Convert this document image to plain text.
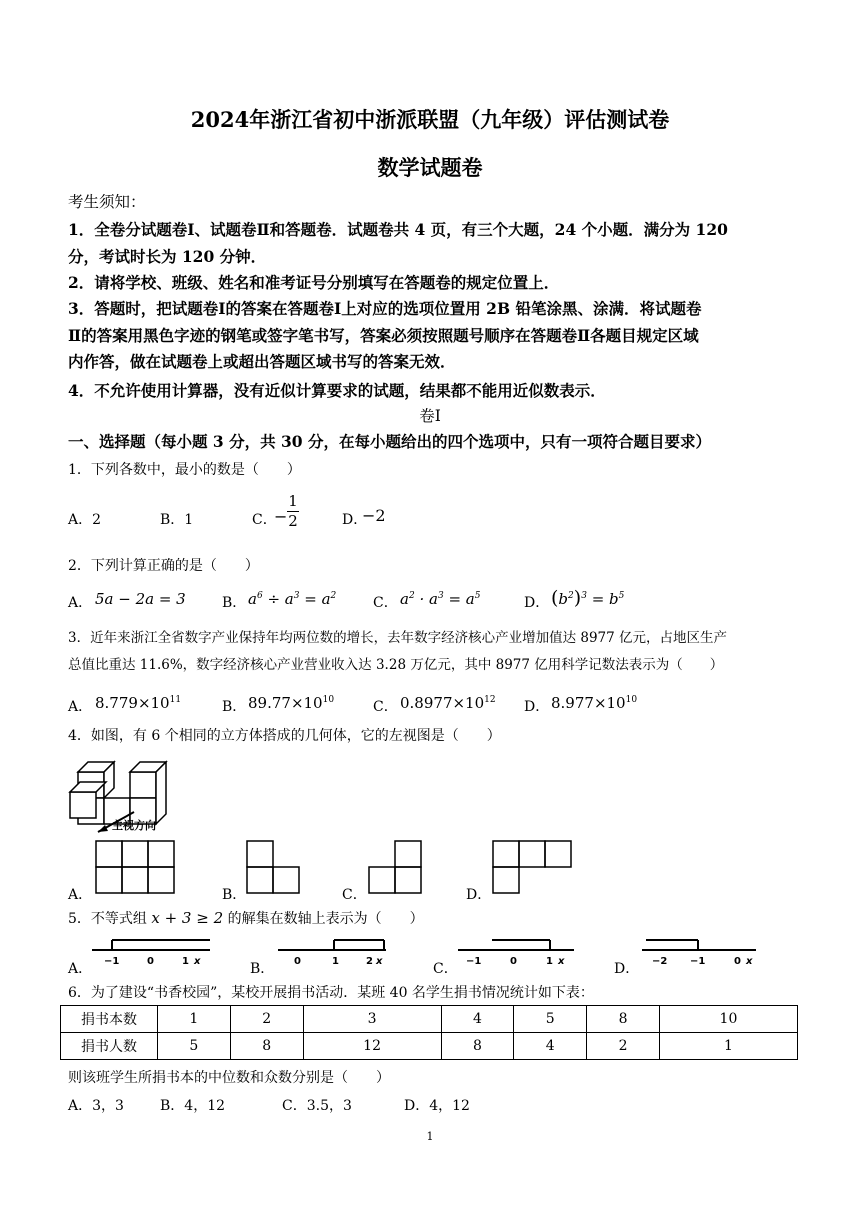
2024年浙江省初中浙派联盟（九年级）评估测试卷
数学试题卷
考生须知：
1．全卷分试题卷Ⅰ、试题卷Ⅱ和答题卷．试题卷共 4 页，有三个大题，24 个小题．满分为 120
分，考试时长为 120 分钟．
2．请将学校、班级、姓名和准考证号分别填写在答题卷的规定位置上．
3．答题时，把试题卷Ⅰ的答案在答题卷Ⅰ上对应的选项位置用 2B 铅笔涂黑、涂满．将试题卷
Ⅱ的答案用黑色字迹的钢笔或签字笔书写，答案必须按照题号顺序在答题卷Ⅱ各题目规定区域
内作答，做在试题卷上或超出答题区域书写的答案无效．
4．不允许使用计算器，没有近似计算要求的试题，结果都不能用近似数表示．
卷Ⅰ
一、选择题（每小题 3 分，共 30 分，在每小题给出的四个选项中，只有一项符合题目要求）
1．下列各数中，最小的数是（　　）
A．2	B．1	C．
−
1
2	D．
−2
2．下列计算正确的是（　　）
A． 5a − 2a = 3	B． $a^6 \div a^3 = a^2$	C． $a^2 \cdot a^3 = a^5$	D． $(b^2)^3 = b^5$
3．近年来浙江全省数字产业保持年均两位数的增长，去年数字经济核心产业增加值达 8977 亿元，占地区生产
总值比重达 11.6%，数字经济核心产业营业收入达 3.28 万亿元，其中 8977 亿用科学记数法表示为（　　）
A． $8.779\times 10^{11}$	B． $89.77\times 10^{10}$	C． $0.8977\times 10^{12}$ D． $8.977\times 10^{10}$
4．如图，有 6 个相同的立方体搭成的几何体，它的左视图是（　　）
主视方向
A．	B．	C．	D．
5．不等式组 x + 3 ≥ 2 的解集在数轴上表示为（　　）
A． −1	0	1 x	B． 0	1	2 x	C． −1	0	1 x	D． −2 −1	0 x
6．为了建设“书香校园”，某校开展捐书活动．某班 40 名学生捐书情况统计如下表：
捐书本数	1	2	3	4	5	8	10
捐书人数	5	8	12	8	4	2	1
则该班学生所捐书本的中位数和众数分别是（　　）
A．3，3	B．4，12	C．3.5，3	D．4，12
1
